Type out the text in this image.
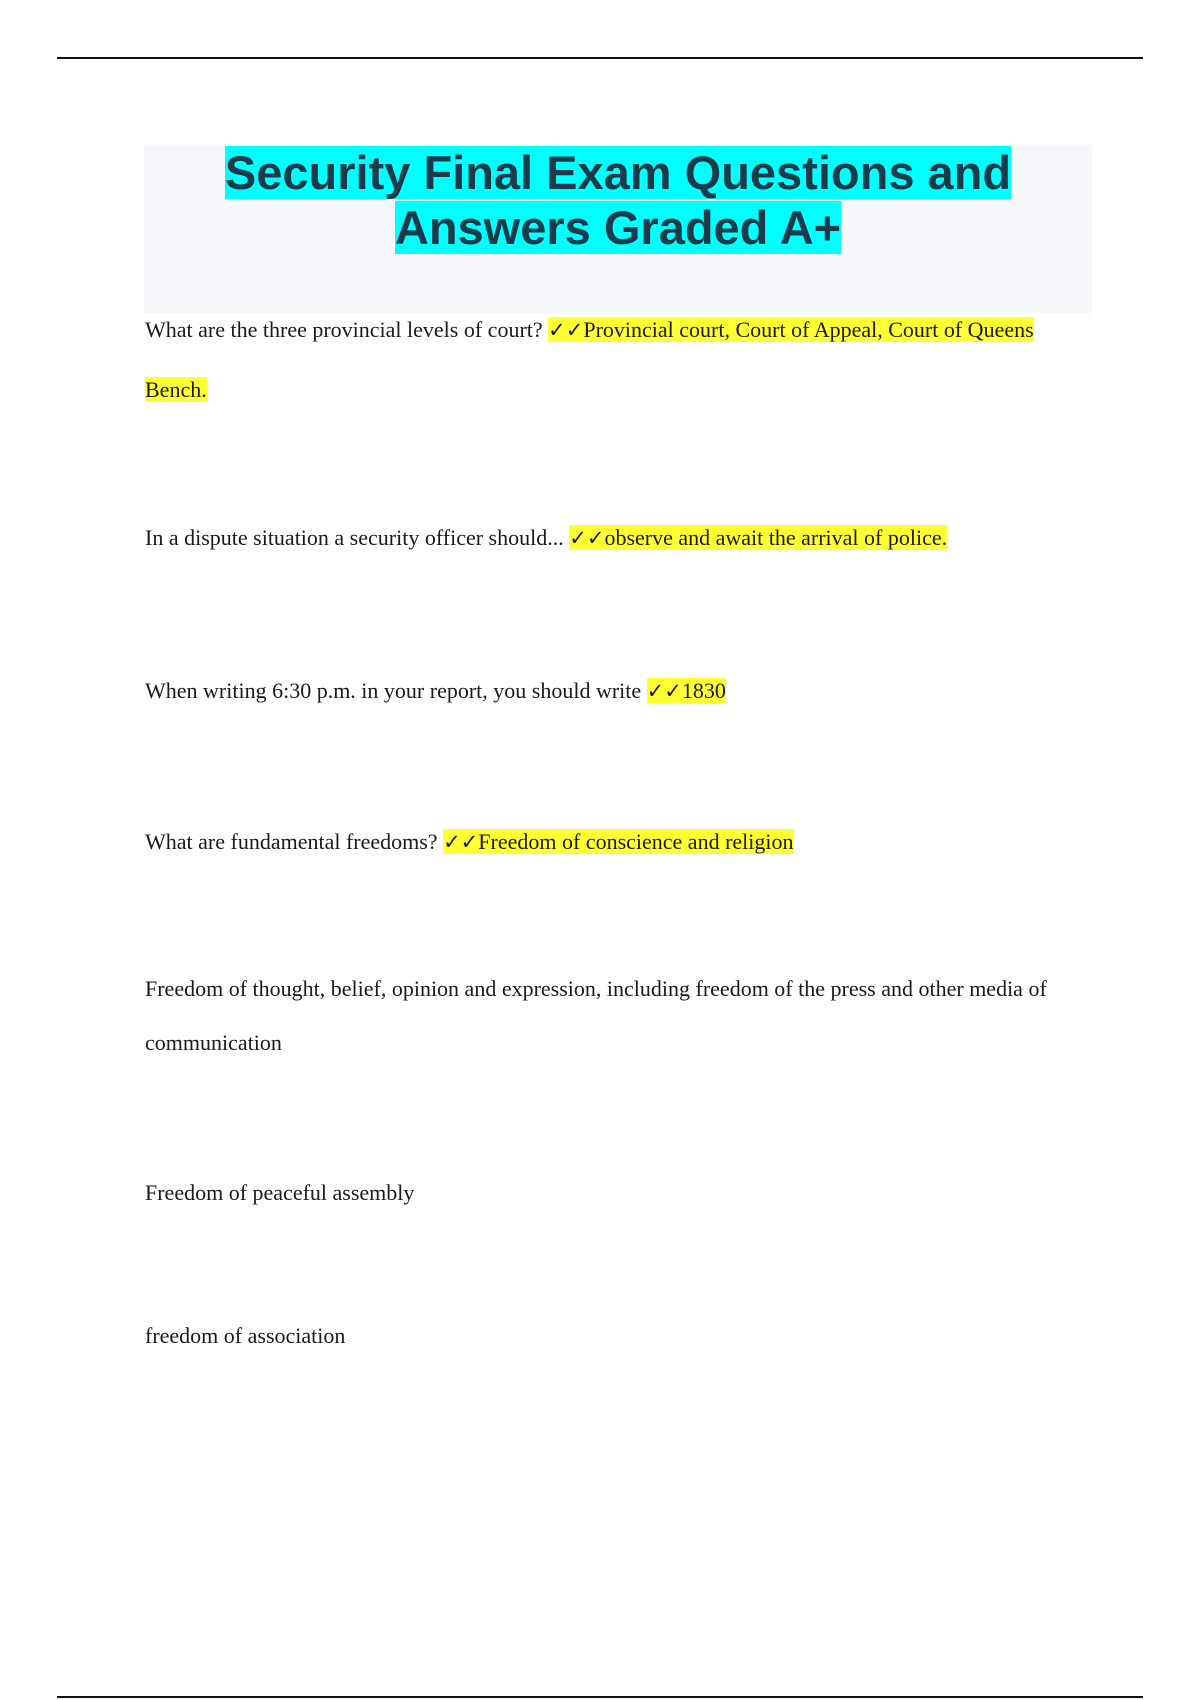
Security Final Exam Questions and Answers Graded A+

What are the three provincial levels of court? ✓✓Provincial court, Court of Appeal, Court of Queens Bench.

In a dispute situation a security officer should... ✓✓observe and await the arrival of police.

When writing 6:30 p.m. in your report, you should write ✓✓1830

What are fundamental freedoms? ✓✓Freedom of conscience and religion

Freedom of thought, belief, opinion and expression, including freedom of the press and other media of communication

Freedom of peaceful assembly

freedom of association
